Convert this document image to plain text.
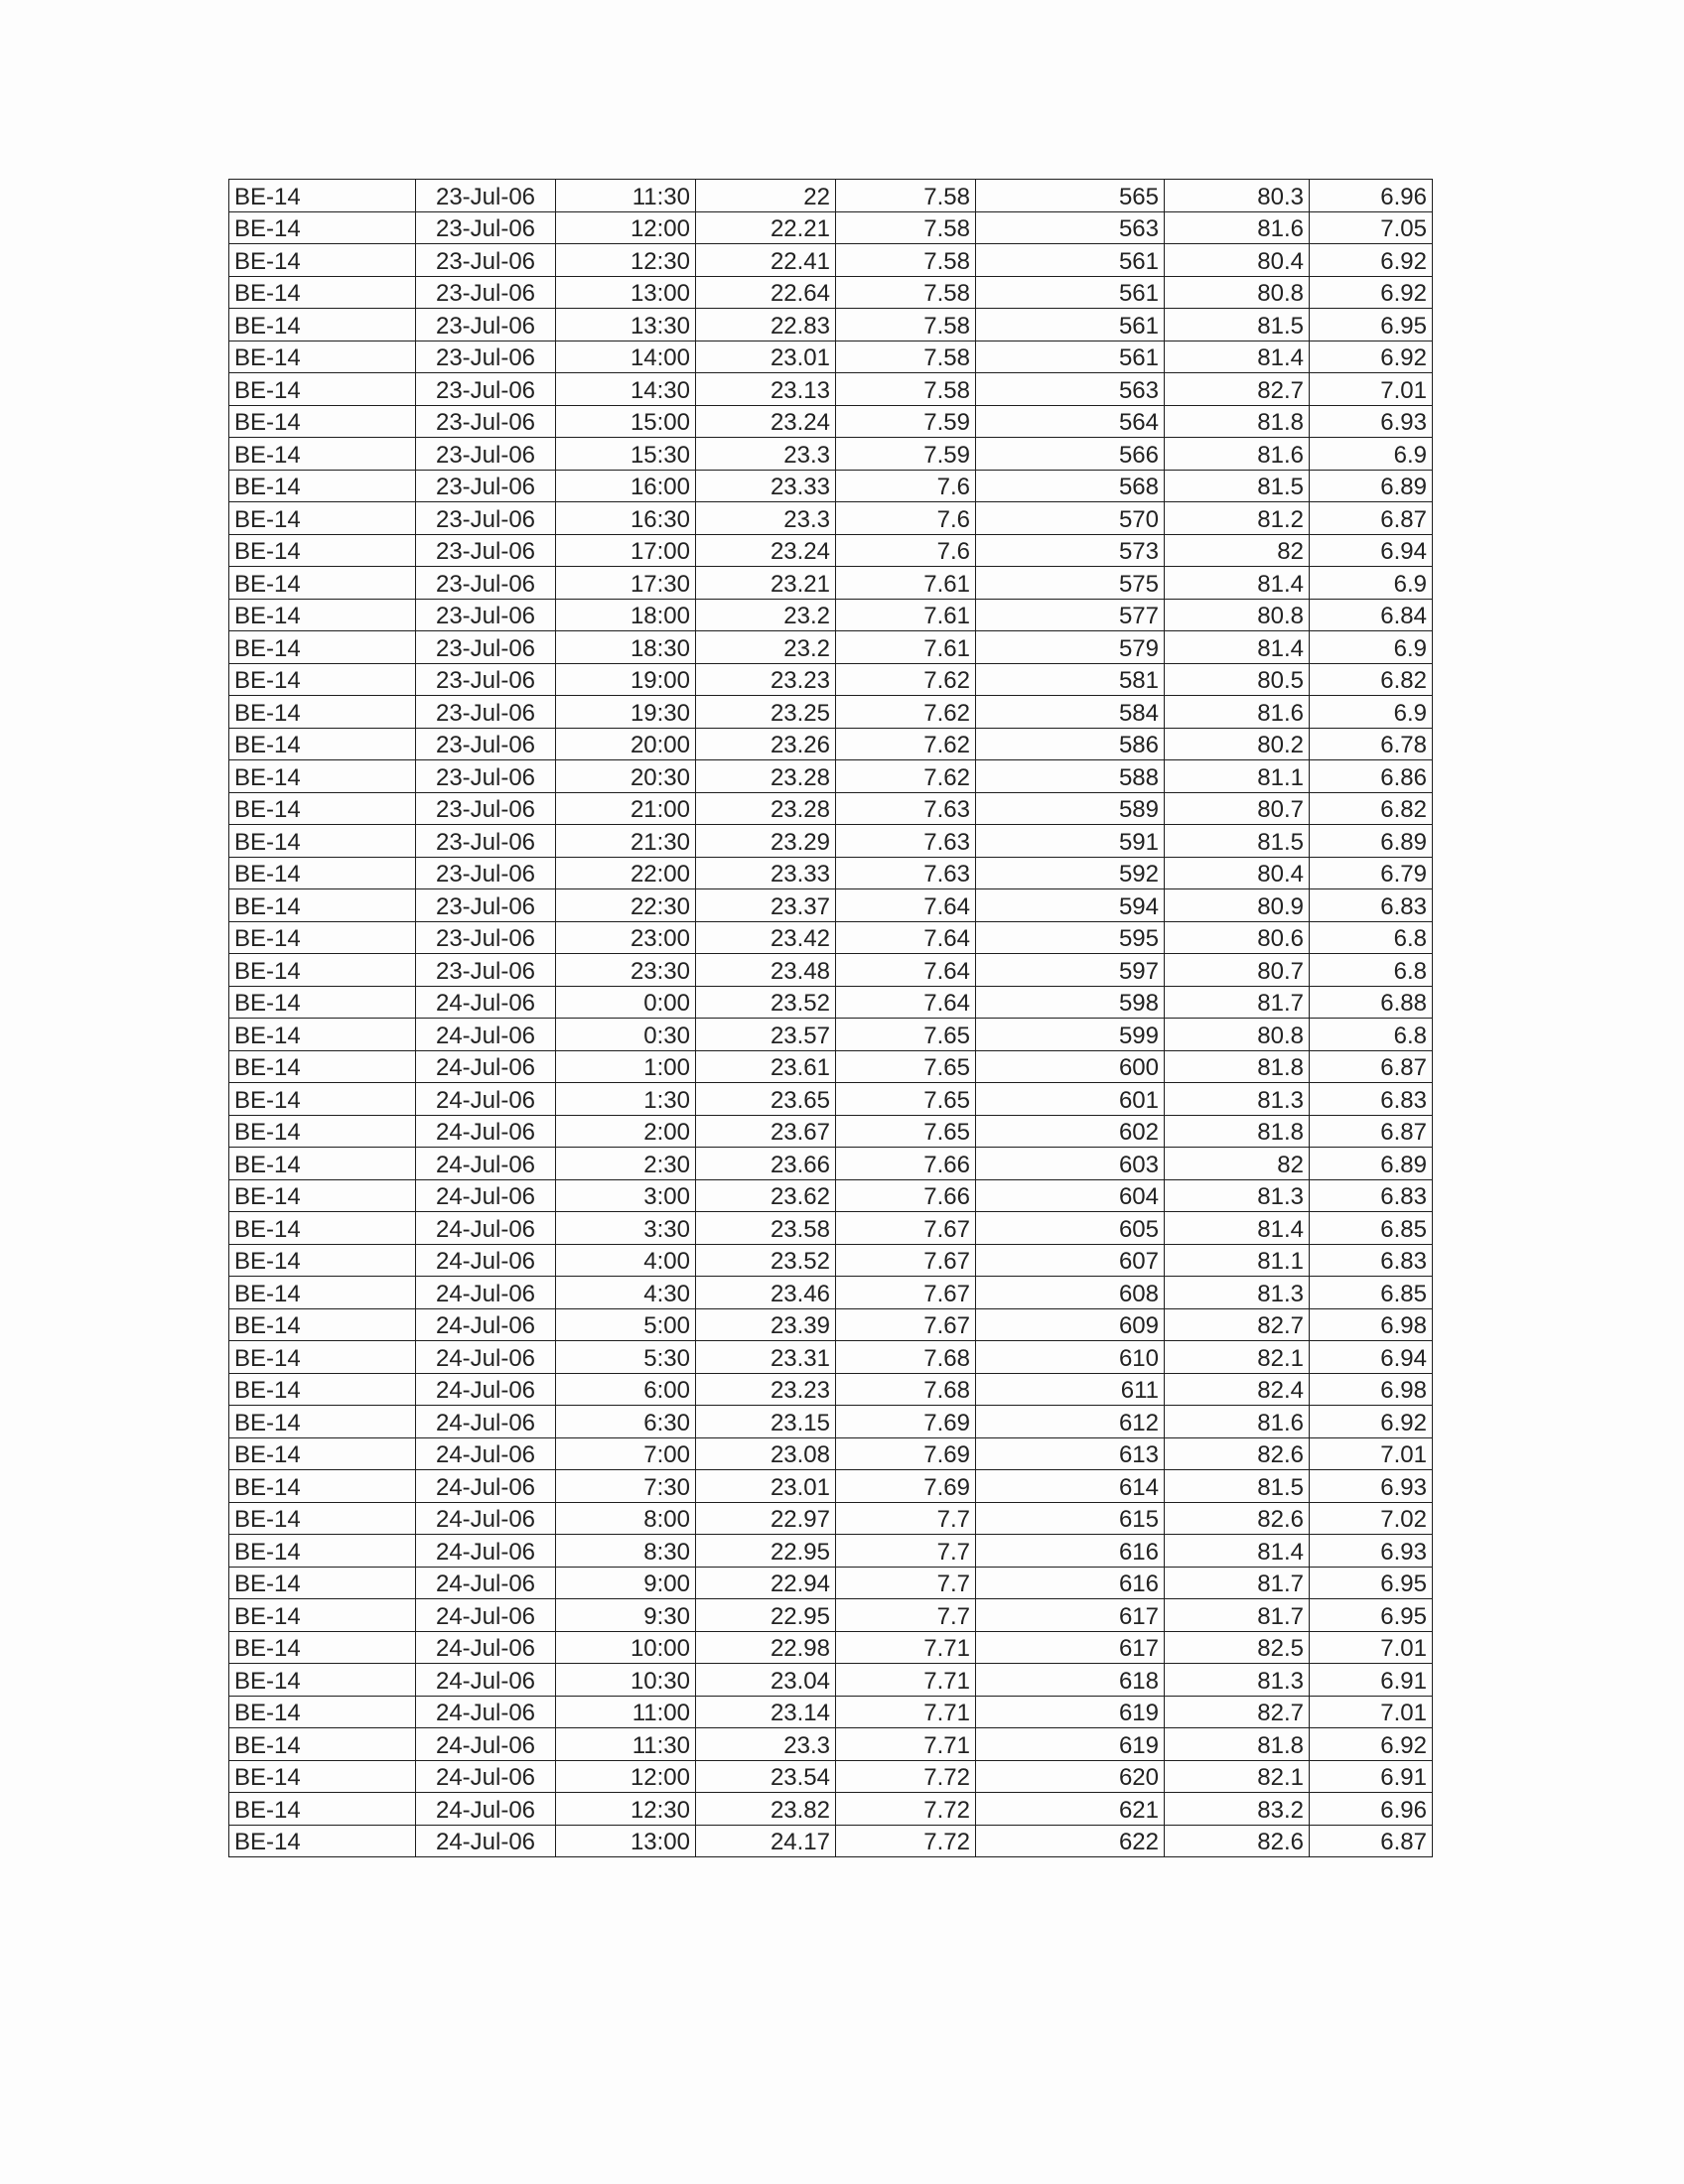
BE-14	23-Jul-06	11:30	22	7.58	565	80.3	6.96
BE-14	23-Jul-06	12:00	22.21	7.58	563	81.6	7.05
BE-14	23-Jul-06	12:30	22.41	7.58	561	80.4	6.92
BE-14	23-Jul-06	13:00	22.64	7.58	561	80.8	6.92
BE-14	23-Jul-06	13:30	22.83	7.58	561	81.5	6.95
BE-14	23-Jul-06	14:00	23.01	7.58	561	81.4	6.92
BE-14	23-Jul-06	14:30	23.13	7.58	563	82.7	7.01
BE-14	23-Jul-06	15:00	23.24	7.59	564	81.8	6.93
BE-14	23-Jul-06	15:30	23.3	7.59	566	81.6	6.9
BE-14	23-Jul-06	16:00	23.33	7.6	568	81.5	6.89
BE-14	23-Jul-06	16:30	23.3	7.6	570	81.2	6.87
BE-14	23-Jul-06	17:00	23.24	7.6	573	82	6.94
BE-14	23-Jul-06	17:30	23.21	7.61	575	81.4	6.9
BE-14	23-Jul-06	18:00	23.2	7.61	577	80.8	6.84
BE-14	23-Jul-06	18:30	23.2	7.61	579	81.4	6.9
BE-14	23-Jul-06	19:00	23.23	7.62	581	80.5	6.82
BE-14	23-Jul-06	19:30	23.25	7.62	584	81.6	6.9
BE-14	23-Jul-06	20:00	23.26	7.62	586	80.2	6.78
BE-14	23-Jul-06	20:30	23.28	7.62	588	81.1	6.86
BE-14	23-Jul-06	21:00	23.28	7.63	589	80.7	6.82
BE-14	23-Jul-06	21:30	23.29	7.63	591	81.5	6.89
BE-14	23-Jul-06	22:00	23.33	7.63	592	80.4	6.79
BE-14	23-Jul-06	22:30	23.37	7.64	594	80.9	6.83
BE-14	23-Jul-06	23:00	23.42	7.64	595	80.6	6.8
BE-14	23-Jul-06	23:30	23.48	7.64	597	80.7	6.8
BE-14	24-Jul-06	0:00	23.52	7.64	598	81.7	6.88
BE-14	24-Jul-06	0:30	23.57	7.65	599	80.8	6.8
BE-14	24-Jul-06	1:00	23.61	7.65	600	81.8	6.87
BE-14	24-Jul-06	1:30	23.65	7.65	601	81.3	6.83
BE-14	24-Jul-06	2:00	23.67	7.65	602	81.8	6.87
BE-14	24-Jul-06	2:30	23.66	7.66	603	82	6.89
BE-14	24-Jul-06	3:00	23.62	7.66	604	81.3	6.83
BE-14	24-Jul-06	3:30	23.58	7.67	605	81.4	6.85
BE-14	24-Jul-06	4:00	23.52	7.67	607	81.1	6.83
BE-14	24-Jul-06	4:30	23.46	7.67	608	81.3	6.85
BE-14	24-Jul-06	5:00	23.39	7.67	609	82.7	6.98
BE-14	24-Jul-06	5:30	23.31	7.68	610	82.1	6.94
BE-14	24-Jul-06	6:00	23.23	7.68	611	82.4	6.98
BE-14	24-Jul-06	6:30	23.15	7.69	612	81.6	6.92
BE-14	24-Jul-06	7:00	23.08	7.69	613	82.6	7.01
BE-14	24-Jul-06	7:30	23.01	7.69	614	81.5	6.93
BE-14	24-Jul-06	8:00	22.97	7.7	615	82.6	7.02
BE-14	24-Jul-06	8:30	22.95	7.7	616	81.4	6.93
BE-14	24-Jul-06	9:00	22.94	7.7	616	81.7	6.95
BE-14	24-Jul-06	9:30	22.95	7.7	617	81.7	6.95
BE-14	24-Jul-06	10:00	22.98	7.71	617	82.5	7.01
BE-14	24-Jul-06	10:30	23.04	7.71	618	81.3	6.91
BE-14	24-Jul-06	11:00	23.14	7.71	619	82.7	7.01
BE-14	24-Jul-06	11:30	23.3	7.71	619	81.8	6.92
BE-14	24-Jul-06	12:00	23.54	7.72	620	82.1	6.91
BE-14	24-Jul-06	12:30	23.82	7.72	621	83.2	6.96
BE-14	24-Jul-06	13:00	24.17	7.72	622	82.6	6.87
